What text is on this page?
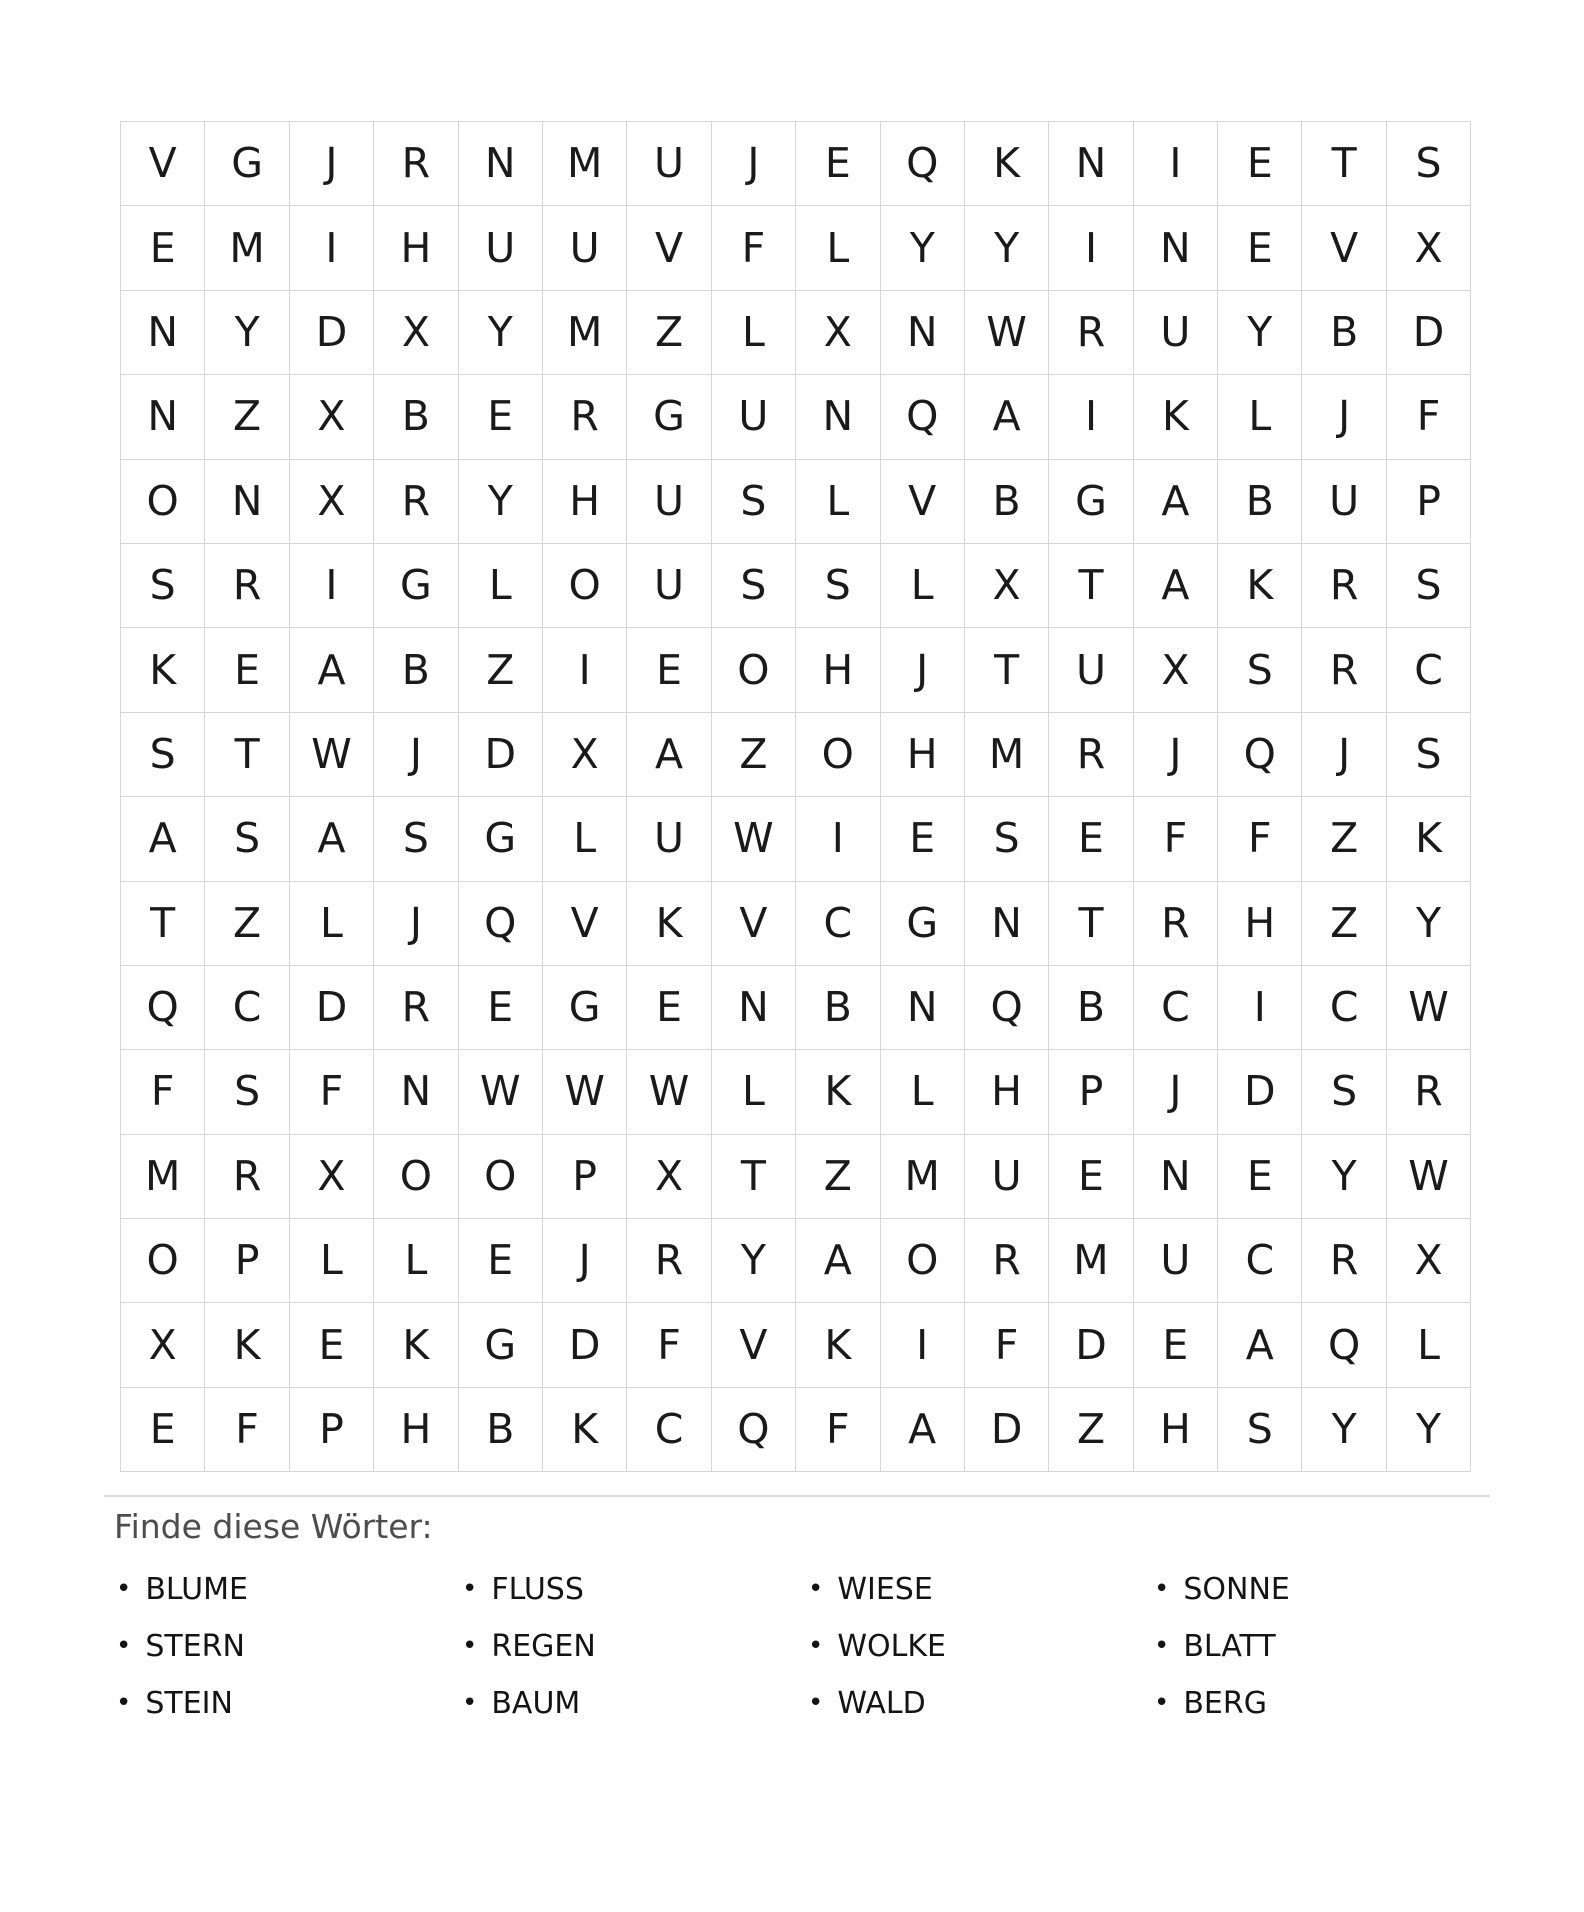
V	G	J	R	N	M	U	J	E	Q	K	N	I	E	T	S
E	M	I	H	U	U	V	F	L	Y	Y	I	N	E	V	X
N	Y	D	X	Y	M	Z	L	X	N	W	R	U	Y	B	D
N	Z	X	B	E	R	G	U	N	Q	A	I	K	L	J	F
O	N	X	R	Y	H	U	S	L	V	B	G	A	B	U	P
S	R	I	G	L	O	U	S	S	L	X	T	A	K	R	S
K	E	A	B	Z	I	E	O	H	J	T	U	X	S	R	C
S	T	W	J	D	X	A	Z	O	H	M	R	J	Q	J	S
A	S	A	S	G	L	U	W	I	E	S	E	F	F	Z	K
T	Z	L	J	Q	V	K	V	C	G	N	T	R	H	Z	Y
Q	C	D	R	E	G	E	N	B	N	Q	B	C	I	C	W
F	S	F	N	W	W	W	L	K	L	H	P	J	D	S	R
M	R	X	O	O	P	X	T	Z	M	U	E	N	E	Y	W
O	P	L	L	E	J	R	Y	A	O	R	M	U	C	R	X
X	K	E	K	G	D	F	V	K	I	F	D	E	A	Q	L
E	F	P	H	B	K	C	Q	F	A	D	Z	H	S	Y	Y
Finde diese Wörter:
• BLUME
• STERN
• STEIN
• FLUSS
• REGEN
• BAUM
• WIESE
• WOLKE
• WALD
• SONNE
• BLATT
• BERG
